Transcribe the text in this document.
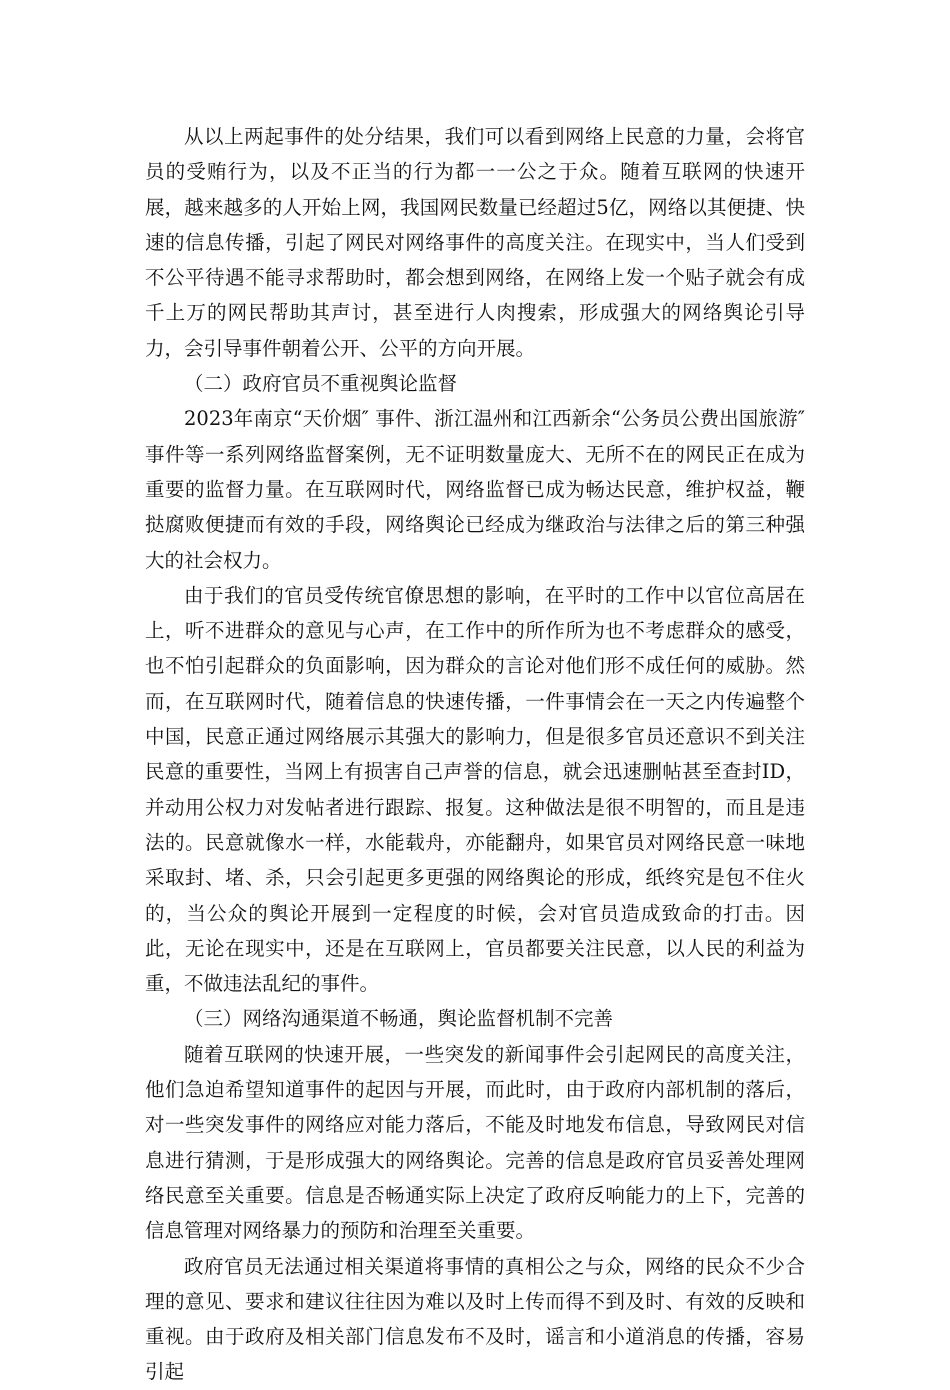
从以上两起事件的处分结果，我们可以看到网络上民意的力量，会将官员的受贿行为，以及不正当的行为都一一公之于众。随着互联网的快速开展，越来越多的人开始上网，我国网民数量已经超过5亿，网络以其便捷、快速的信息传播，引起了网民对网络事件的高度关注。在现实中，当人们受到不公平待遇不能寻求帮助时，都会想到网络，在网络上发一个贴子就会有成千上万的网民帮助其声讨，甚至进行人肉搜索，形成强大的网络舆论引导力，会引导事件朝着公开、公平的方向开展。

（二）政府官员不重视舆论监督

2023年南京“天价烟″ 事件、浙江温州和江西新余“公务员公费出国旅游″ 事件等一系列网络监督案例，无不证明数量庞大、无所不在的网民正在成为重要的监督力量。在互联网时代，网络监督已成为畅达民意，维护权益，鞭挞腐败便捷而有效的手段，网络舆论已经成为继政治与法律之后的第三种强大的社会权力。

由于我们的官员受传统官僚思想的影响，在平时的工作中以官位高居在上，听不进群众的意见与心声，在工作中的所作所为也不考虑群众的感受，也不怕引起群众的负面影响，因为群众的言论对他们形不成任何的威胁。然而，在互联网时代，随着信息的快速传播，一件事情会在一天之内传遍整个中国，民意正通过网络展示其强大的影响力，但是很多官员还意识不到关注民意的重要性，当网上有损害自己声誉的信息，就会迅速删帖甚至查封ID，并动用公权力对发帖者进行跟踪、报复。这种做法是很不明智的，而且是违法的。民意就像水一样，水能载舟，亦能翻舟，如果官员对网络民意一味地采取封、堵、杀，只会引起更多更强的网络舆论的形成，纸终究是包不住火的，当公众的舆论开展到一定程度的时候，会对官员造成致命的打击。因此，无论在现实中，还是在互联网上，官员都要关注民意，以人民的利益为重，不做违法乱纪的事件。

（三）网络沟通渠道不畅通，舆论监督机制不完善

随着互联网的快速开展，一些突发的新闻事件会引起网民的高度关注，他们急迫希望知道事件的起因与开展，而此时，由于政府内部机制的落后，对一些突发事件的网络应对能力落后，不能及时地发布信息，导致网民对信息进行猜测，于是形成强大的网络舆论。完善的信息是政府官员妥善处理网络民意至关重要。信息是否畅通实际上决定了政府反响能力的上下，完善的信息管理对网络暴力的预防和治理至关重要。

政府官员无法通过相关渠道将事情的真相公之与众，网络的民众不少合理的意见、要求和建议往往因为难以及时上传而得不到及时、有效的反映和重视。由于政府及相关部门信息发布不及时，谣言和小道消息的传播，容易引起
